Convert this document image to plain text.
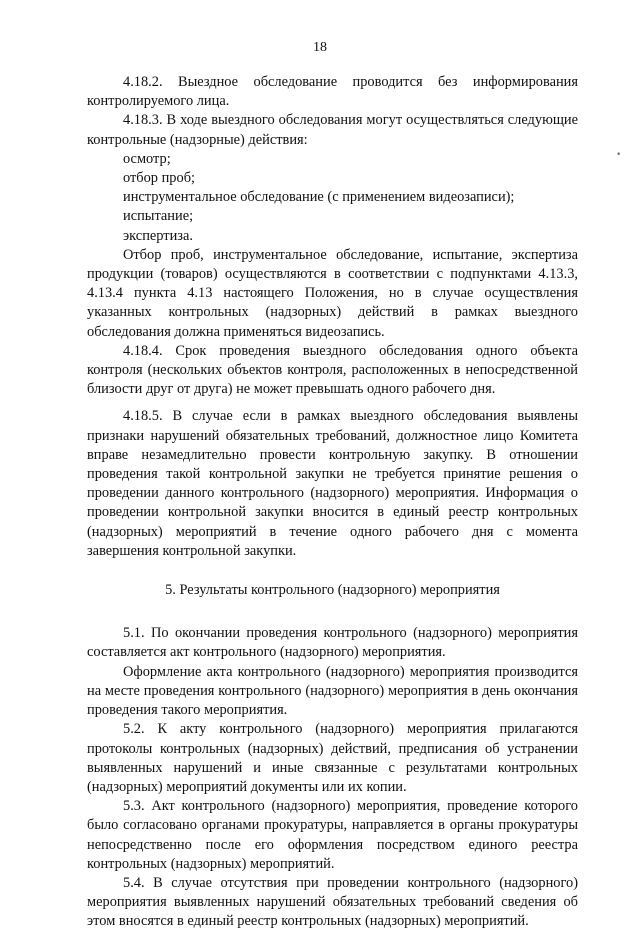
18
•

4.18.2. Выездное обследование проводится без информирования контролируемого лица.

4.18.3. В ходе выездного обследования могут осуществляться следующие контрольные (надзорные) действия:

осмотр;

отбор проб;

инструментальное обследование (с применением видеозаписи);

испытание;

экспертиза.

Отбор проб, инструментальное обследование, испытание, экспертиза продукции (товаров) осуществляются в соответствии с подпунктами 4.13.3, 4.13.4 пункта 4.13 настоящего Положения, но в случае осуществления указанных контрольных (надзорных) действий в рамках выездного обследования должна применяться видеозапись.

4.18.4. Срок проведения выездного обследования одного объекта контроля (нескольких объектов контроля, расположенных в непосредственной близости друг от друга) не может превышать одного рабочего дня.

4.18.5. В случае если в рамках выездного обследования выявлены признаки нарушений обязательных требований, должностное лицо Комитета вправе незамедлительно провести контрольную закупку. В отношении проведения такой контрольной закупки не требуется принятие решения о проведении данного контрольного (надзорного) мероприятия. Информация о проведении контрольной закупки вносится в единый реестр контрольных (надзорных) мероприятий в течение одного рабочего дня с момента завершения контрольной закупки.

5. Результаты контрольного (надзорного) мероприятия

5.1. По окончании проведения контрольного (надзорного) мероприятия составляется акт контрольного (надзорного) мероприятия.

Оформление акта контрольного (надзорного) мероприятия производится на месте проведения контрольного (надзорного) мероприятия в день окончания проведения такого мероприятия.

5.2. К акту контрольного (надзорного) мероприятия прилагаются протоколы контрольных (надзорных) действий, предписания об устранении выявленных нарушений и иные связанные с результатами контрольных (надзорных) мероприятий документы или их копии.

5.3. Акт контрольного (надзорного) мероприятия, проведение которого было согласовано органами прокуратуры, направляется в органы прокуратуры непосредственно после его оформления посредством единого реестра контрольных (надзорных) мероприятий.

5.4. В случае отсутствия при проведении контрольного (надзорного) мероприятия выявленных нарушений обязательных требований сведения об этом вносятся в единый реестр контрольных (надзорных) мероприятий.
